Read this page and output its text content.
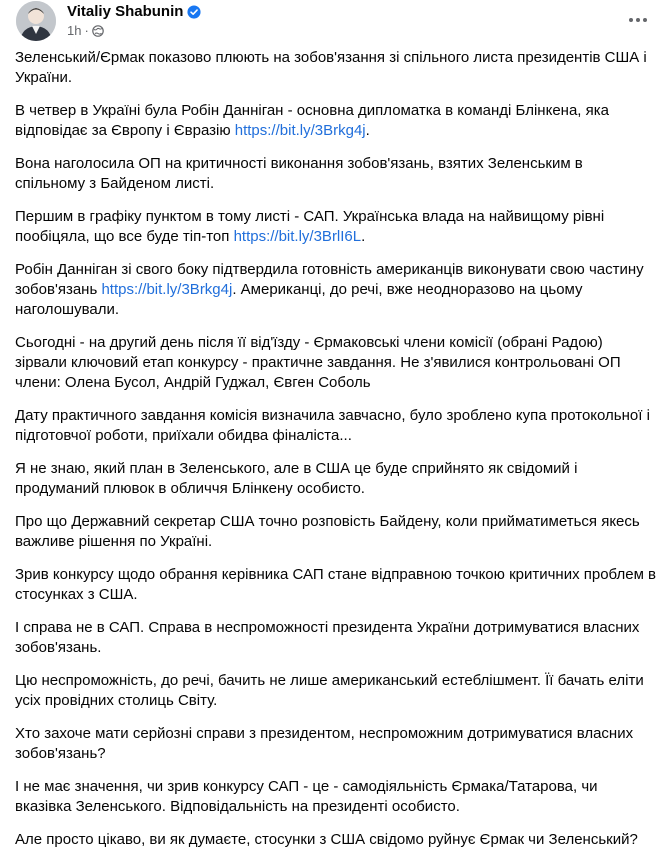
Vitaliy Shabunin
1h ·
Зеленський/Єрмак показово плюють на зобов'язання зі спільного листа президентів США і України.
В четвер в Україні була Робін Данніган - основна дипломатка в команді Блінкена, яка відповідає за Європу і Євразію https://bit.ly/3Brkg4j.
Вона наголосила ОП на критичності виконання зобов'язань, взятих Зеленським в спільному з Байденом листі.
Першим в графіку пунктом в тому листі - САП. Українська влада на найвищому рівні пообіцяла, що все буде тіп-топ https://bit.ly/3BrlI6L.
Робін Данніган зі свого боку підтвердила готовність американців виконувати свою частину зобов'язань https://bit.ly/3Brkg4j. Американці, до речі, вже неодноразово на цьому наголошували.
Сьогодні - на другий день після її від'їзду - Єрмаковські члени комісії (обрані Радою) зірвали ключовий етап конкурсу - практичне завдання. Не з'явилися контрольовані ОП члени: Олена Бусол, Андрій Гуджал, Євген Соболь
Дату практичного завдання комісія визначила завчасно, було зроблено купа протокольної і підготовчої роботи, приїхали обидва фіналіста...
Я не знаю, який план в Зеленського, але в США це буде сприйнято як свідомий і продуманий плювок в обличчя Блінкену особисто.
Про що Державний секретар США точно розповість Байдену, коли прийматиметься якесь важливе рішення по Україні.
Зрив конкурсу щодо обрання керівника САП стане відправною точкою критичних проблем в стосунках з США.
І справа не в САП. Справа в неспроможності президента України дотримуватися власних зобов'язань.
Цю неспроможність, до речі, бачить не лише американський естеблішмент. Її бачать еліти усіх провідних столиць Світу.
Хто захоче мати серйозні справи з президентом, неспроможним дотримуватися власних зобов'язань?
І не має значення, чи зрив конкурсу САП - це - самодіяльність Єрмака/Татарова, чи вказівка Зеленського. Відповідальність на президенті особисто.
Але просто цікаво, ви як думаєте, стосунки з США свідомо руйнує Єрмак чи Зеленський?
